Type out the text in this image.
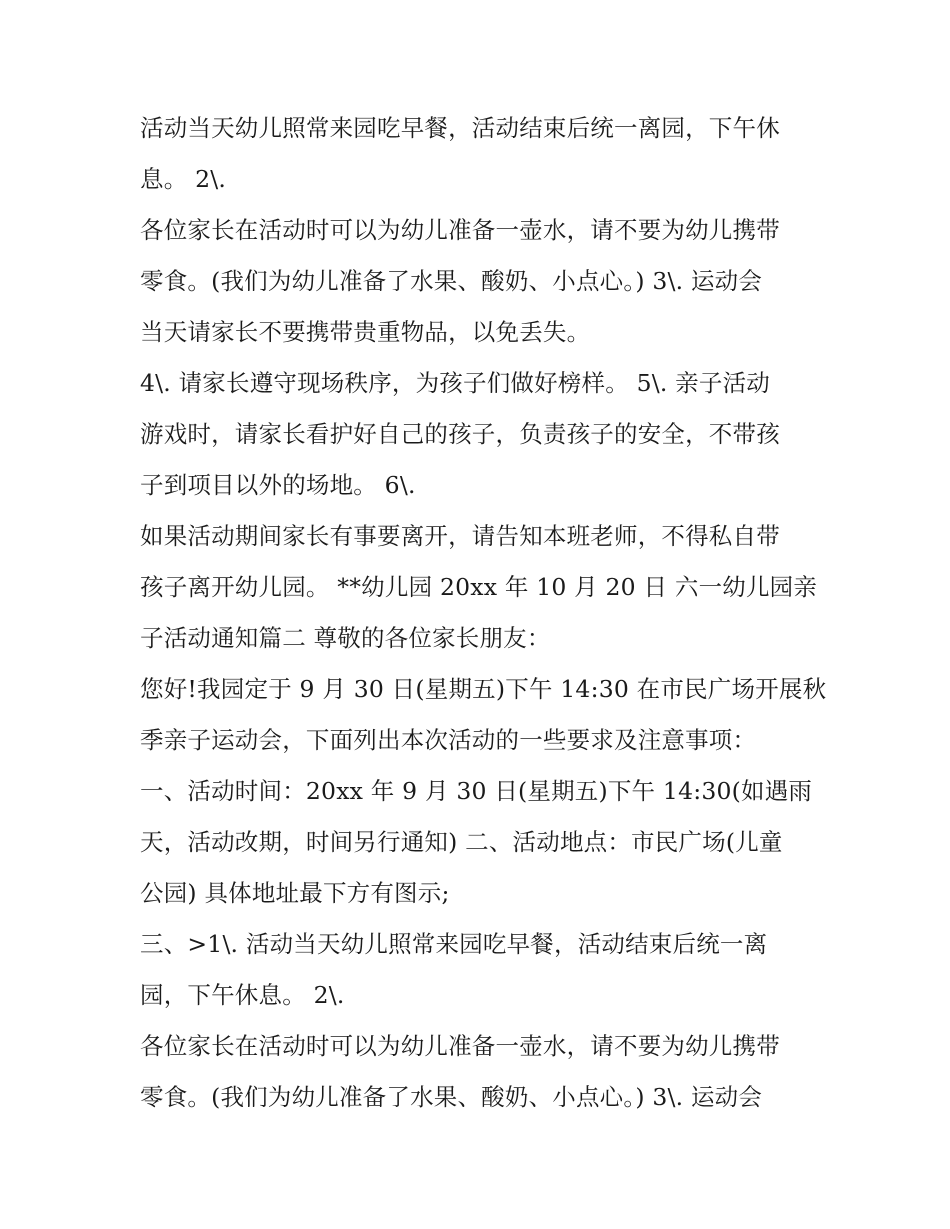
活动当天幼儿照常来园吃早餐，活动结束后统一离园，下午休
息。 2\.
各位家长在活动时可以为幼儿准备一壶水，请不要为幼儿携带
零食。(我们为幼儿准备了水果、酸奶、小点心。) 3\. 运动会
当天请家长不要携带贵重物品，以免丢失。
4\. 请家长遵守现场秩序，为孩子们做好榜样。 5\. 亲子活动
游戏时，请家长看护好自己的孩子，负责孩子的安全，不带孩
子到项目以外的场地。 6\.
如果活动期间家长有事要离开，请告知本班老师，不得私自带
孩子离开幼儿园。 **幼儿园 20xx 年 10 月 20 日 六一幼儿园亲
子活动通知篇二 尊敬的各位家长朋友：
您好!我园定于 9 月 30 日(星期五)下午 14:30 在市民广场开展秋
季亲子运动会，下面列出本次活动的一些要求及注意事项：
一、活动时间：20xx 年 9 月 30 日(星期五)下午 14:30(如遇雨
天，活动改期，时间另行通知) 二、活动地点：市民广场(儿童
公园) 具体地址最下方有图示;
三、>1\. 活动当天幼儿照常来园吃早餐，活动结束后统一离
园，下午休息。 2\.
各位家长在活动时可以为幼儿准备一壶水，请不要为幼儿携带
零食。(我们为幼儿准备了水果、酸奶、小点心。) 3\. 运动会
